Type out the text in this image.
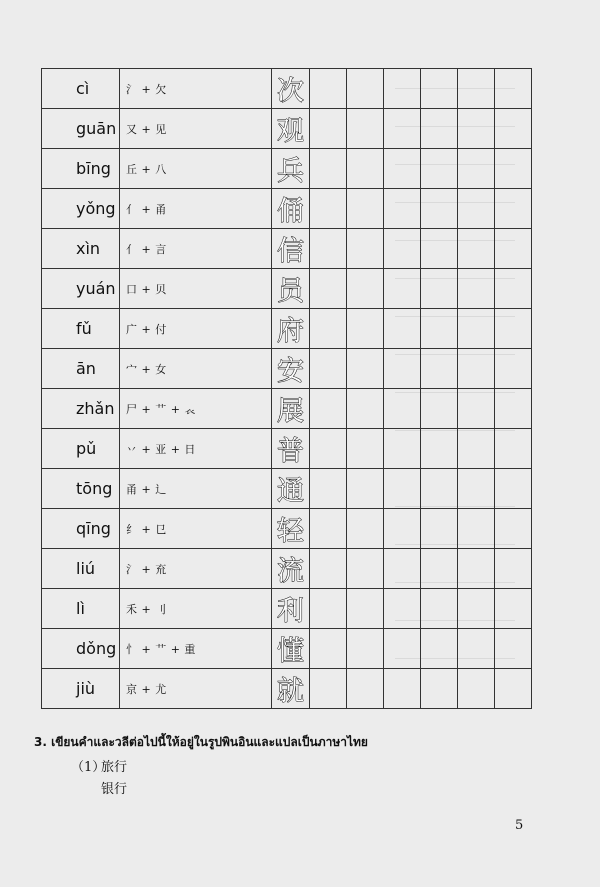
cì	氵 + 欠	次						
guān	又 + 见	观						
bīng	丘 + 八	兵						
yǒng	亻 + 甬	俑						
xìn	亻 + 言	信						
yuán	口 + 贝	员						
fǔ	广 + 付	府						
ān	宀 + 女	安						
zhǎn	尸 + 艹 + 𧘇	展						
pǔ	丷 + 亚 + 日	普						
tōng	甬 + 辶	通						
qīng	纟 + 㔾	轻						
liú	氵 + 㐬	流						
lì	禾 + 刂	利						
dǒng	忄 + 艹 + 重	懂						
jiù	京 + 尤	就						
3. เขียนคำและวลีต่อไปนี้ให้อยู่ในรูปพินอินและแปลเป็นภาษาไทย
（1）
旅行
银行
5
